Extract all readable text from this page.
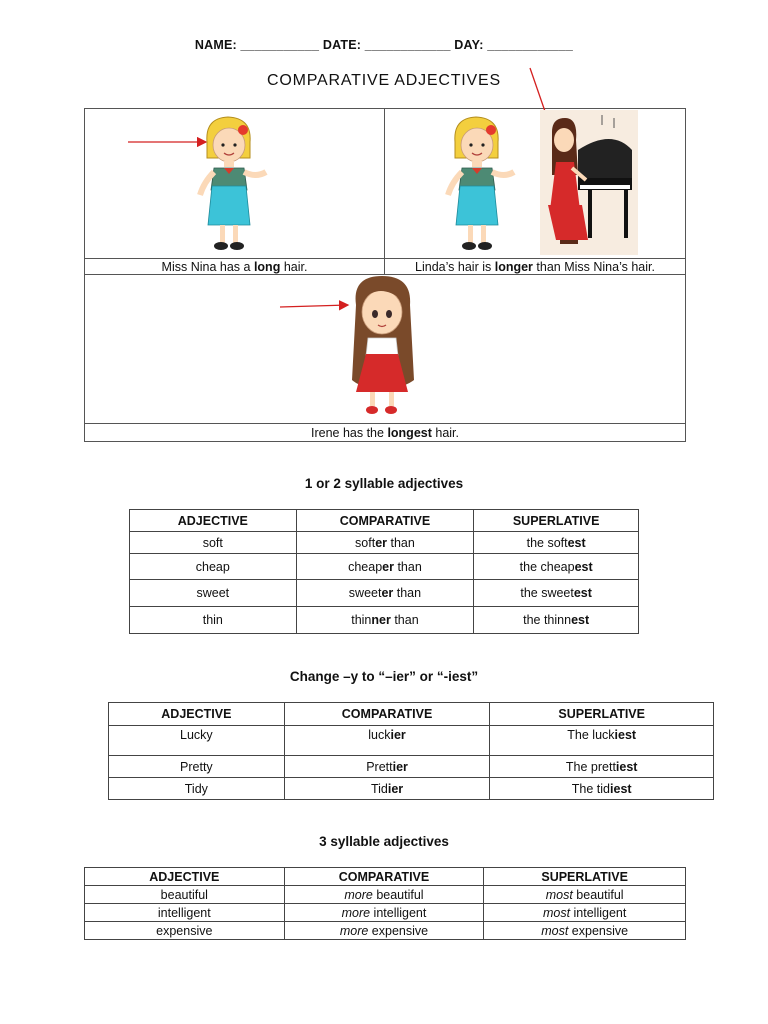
NAME: ___________ DATE: ____________ DAY: ____________
COMPARATIVE ADJECTIVES
Miss Nina has a long hair.	Linda’s hair is longer than Miss Nina’s hair.
Irene has the longest hair.
1 or 2 syllable adjectives
ADJECTIVE	COMPARATIVE	SUPERLATIVE
soft	softer than	the softest
cheap	cheaper than	the cheapest
sweet	sweeter than	the sweetest
thin	thinner than	the thinnest
Change –y to “–ier” or “-iest”
ADJECTIVE	COMPARATIVE	SUPERLATIVE
Lucky	luckier	The luckiest
Pretty	Prettier	The prettiest
Tidy	Tidier	The tidiest
3 syllable adjectives
ADJECTIVE	COMPARATIVE	SUPERLATIVE
beautiful	more beautiful	most beautiful
intelligent	more intelligent	most intelligent
expensive	more expensive	most expensive
